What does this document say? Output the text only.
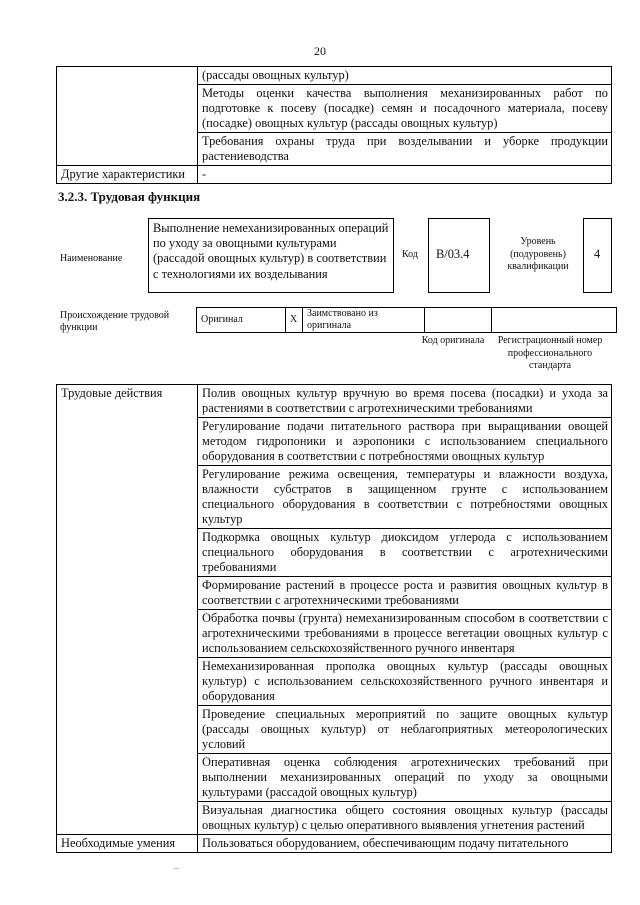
20
	(рассады овощных культур)
	Методы оценки качества выполнения механизированных работ по подготовке к посеву (посадке) семян и посадочного материала, посеву (посадке) овощных культур (рассады овощных культур)
	Требования охраны труда при возделывании и уборке продукции растениеводства
Другие характеристики	-
3.2.3. Трудовая функция
Наименование
Выполнение немеханизированных операций по уходу за овощными культурами (рассадой овощных культур) в соответствии с технологиями их возделывания
Код	B/03.4
Уровень (подуровень) квалификации
4
Происхождение трудовой функции
Оригинал	X	Заимствовано из оригинала		
Код оригинала	Регистрационный номер профессионального стандарта
Трудовые действия	Полив овощных культур вручную во время посева (посадки) и ухода за растениями в соответствии с агротехническими требованиями
	Регулирование подачи питательного раствора при выращивании овощей методом гидропоники и аэропоники с использованием специального оборудования в соответствии с потребностями овощных культур
	Регулирование режима освещения, температуры и влажности воздуха, влажности субстратов в защищенном грунте с использованием специального оборудования в соответствии с потребностями овощных культур
	Подкормка овощных культур диоксидом углерода с использованием специального оборудования в соответствии с агротехническими требованиями
	Формирование растений в процессе роста и развития овощных культур в соответствии с агротехническими требованиями
	Обработка почвы (грунта) немеханизированным способом в соответствии с агротехническими требованиями в процессе вегетации овощных культур с использованием сельскохозяйственного ручного инвентаря
	Немеханизированная прополка овощных культур (рассады овощных культур) с использованием сельскохозяйственного ручного инвентаря и оборудования
	Проведение специальных мероприятий по защите овощных культур (рассады овощных культур) от неблагоприятных метеорологических условий
	Оперативная оценка соблюдения агротехнических требований при выполнении механизированных операций по уходу за овощными культурами (рассадой овощных культур)
	Визуальная диагностика общего состояния овощных культур (рассады овощных культур) с целью оперативного выявления угнетения растений
Необходимые умения	Пользоваться оборудованием, обеспечивающим подачу питательного
